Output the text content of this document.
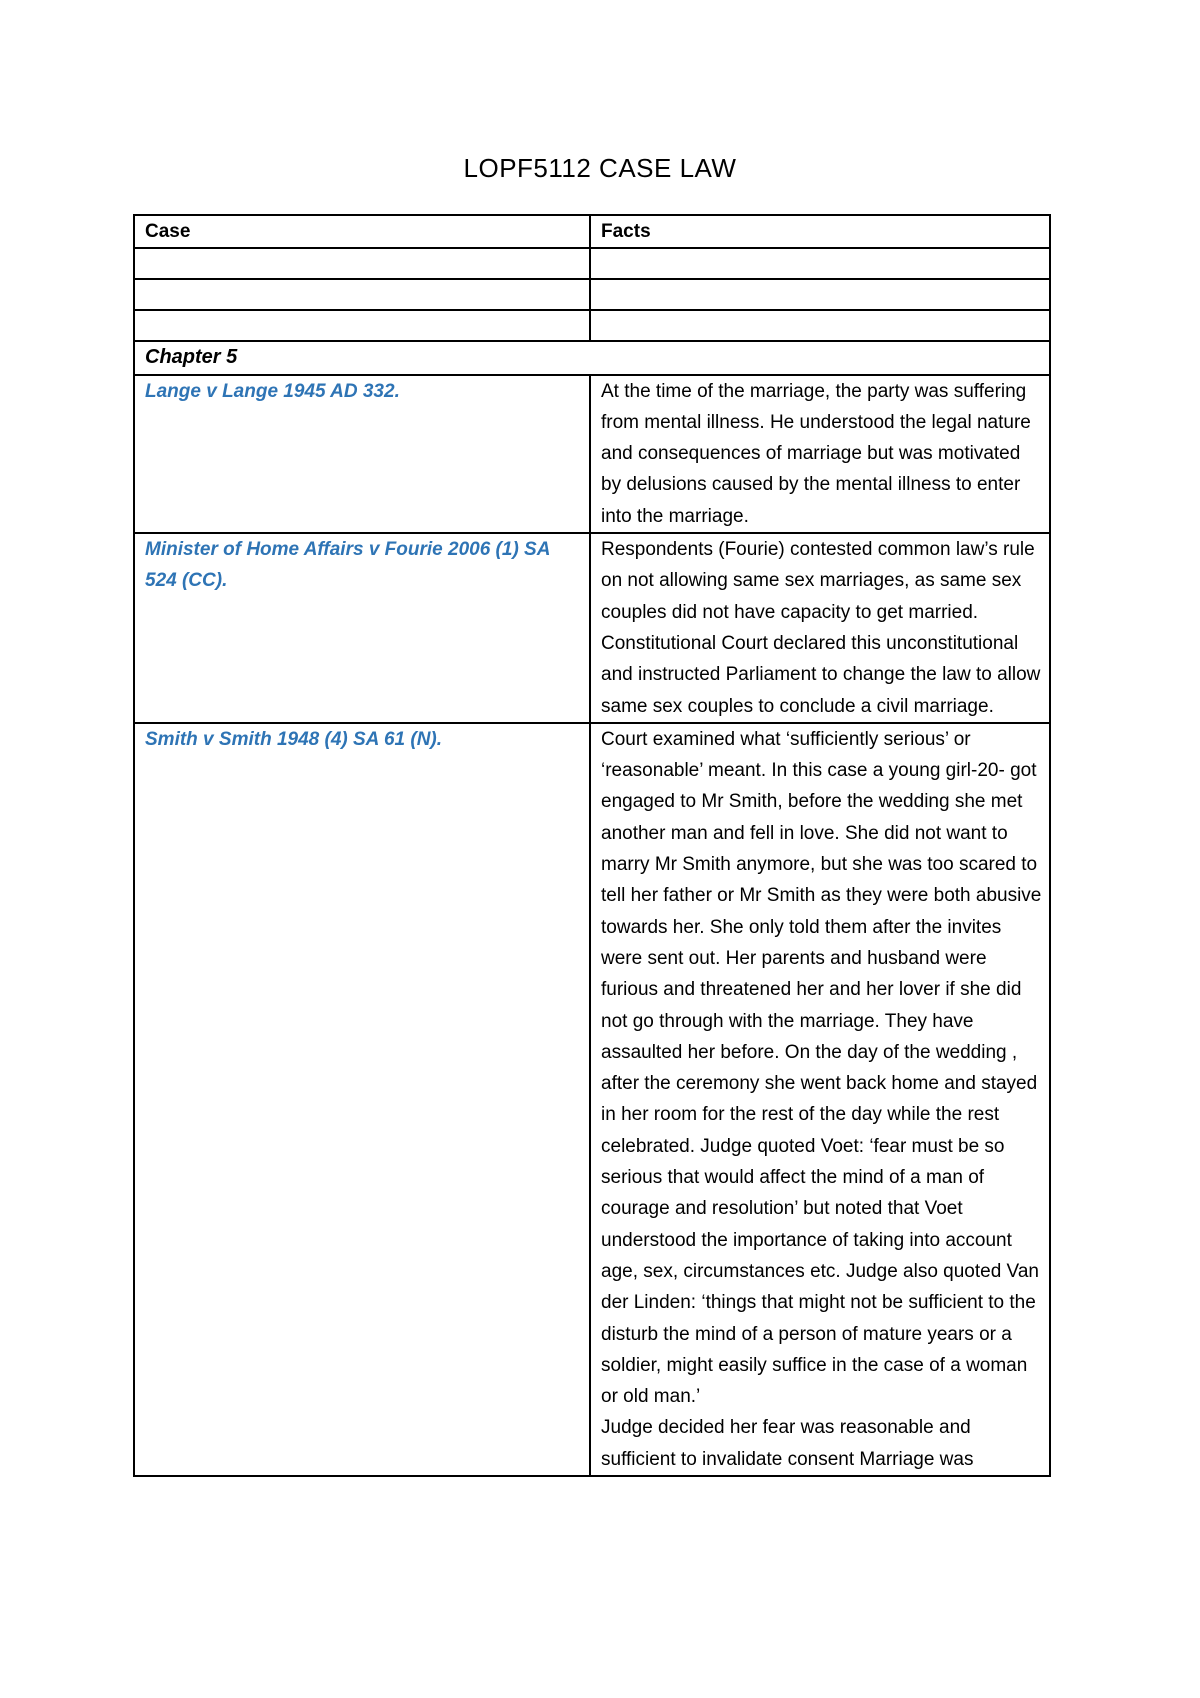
LOPF5112 CASE LAW
Case	Facts

Chapter 5	
Lange v Lange 1945 AD 332.	At the time of the marriage, the party was suffering from mental illness. He understood the legal nature and consequences of marriage but was motivated by delusions caused by the mental illness to enter into the marriage.

Minister of Home Affairs v Fourie 2006 (1) SA 524 (CC).	Respondents (Fourie) contested common law’s rule on not allowing same sex marriages, as same sex couples did not have capacity to get married.

Constitutional Court declared this unconstitutional and instructed Parliament to change the law to allow same sex couples to conclude a civil marriage.

Smith v Smith 1948 (4) SA 61 (N).	Court examined what ‘sufficiently serious’ or ‘reasonable’ meant. In this case a young girl-20- got engaged to Mr Smith, before the wedding she met another man and fell in love. She did not want to marry Mr Smith anymore, but she was too scared to tell her father or Mr Smith as they were both abusive towards her. She only told them after the invites were sent out. Her parents and husband were furious and threatened her and her lover if she did not go through with the marriage. They have assaulted her before. On the day of the wedding , after the ceremony she went back home and stayed in her room for the rest of the day while the rest celebrated. Judge quoted Voet: ‘fear must be so serious that would affect the mind of a man of courage and resolution’ but noted that Voet understood the importance of taking into account age, sex, circumstances etc. Judge also quoted Van der Linden: ‘things that might not be sufficient to the disturb the mind of a person of mature years or a soldier, might easily suffice in the case of a woman or old man.’

Judge decided her fear was reasonable and sufficient to invalidate consent Marriage was
